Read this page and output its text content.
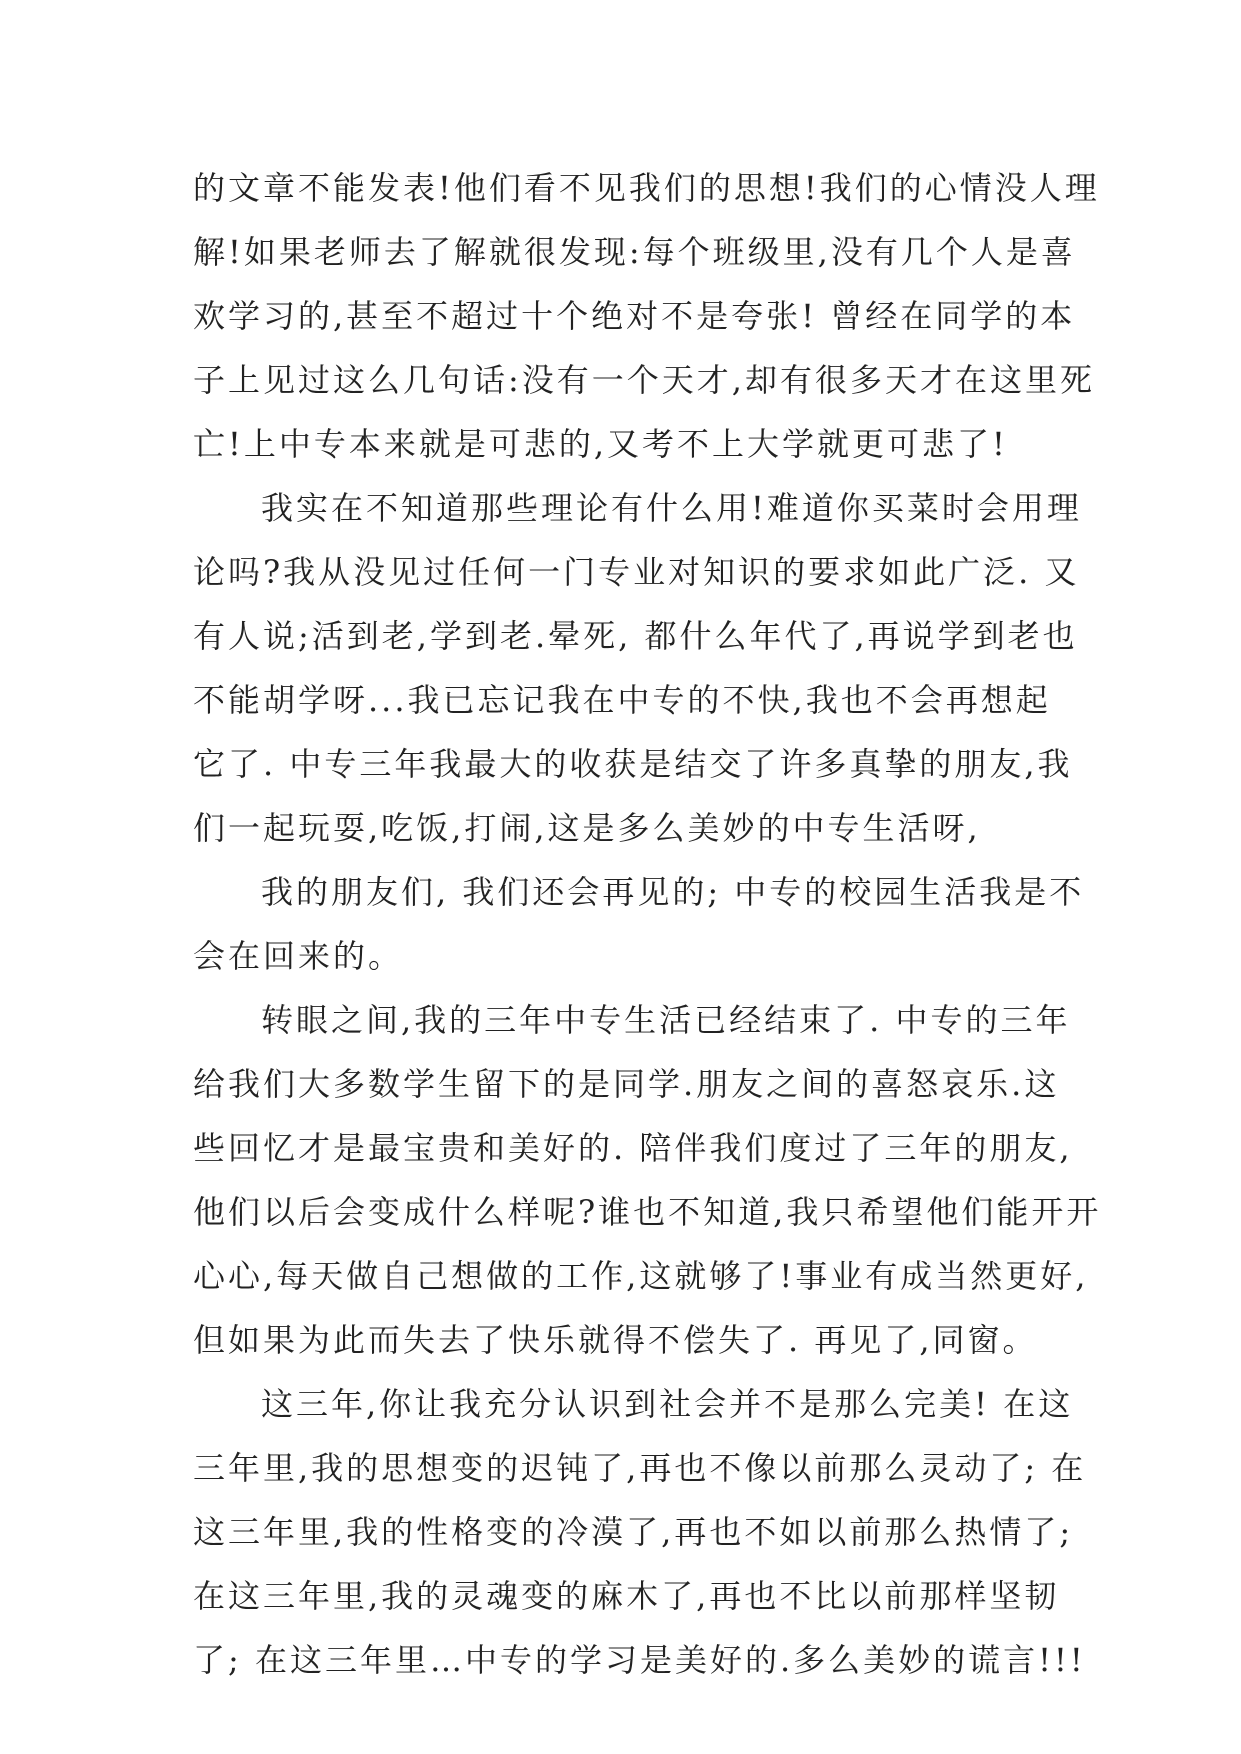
的文章不能发表!他们看不见我们的思想!我们的心情没人理
解!如果老师去了解就很发现:每个班级里,没有几个人是喜
欢学习的,甚至不超过十个绝对不是夸张! 曾经在同学的本
子上见过这么几句话:没有一个天才,却有很多天才在这里死
亡!上中专本来就是可悲的,又考不上大学就更可悲了!
我实在不知道那些理论有什么用!难道你买菜时会用理
论吗?我从没见过任何一门专业对知识的要求如此广泛. 又
有人说;活到老,学到老.晕死, 都什么年代了,再说学到老也
不能胡学呀...我已忘记我在中专的不快,我也不会再想起
它了. 中专三年我最大的收获是结交了许多真挚的朋友,我
们一起玩耍,吃饭,打闹,这是多么美妙的中专生活呀,
我的朋友们, 我们还会再见的; 中专的校园生活我是不
会在回来的。
转眼之间,我的三年中专生活已经结束了. 中专的三年
给我们大多数学生留下的是同学.朋友之间的喜怒哀乐.这
些回忆才是最宝贵和美好的. 陪伴我们度过了三年的朋友,
他们以后会变成什么样呢?谁也不知道,我只希望他们能开开
心心,每天做自己想做的工作,这就够了!事业有成当然更好,
但如果为此而失去了快乐就得不偿失了. 再见了,同窗。
这三年,你让我充分认识到社会并不是那么完美! 在这
三年里,我的思想变的迟钝了,再也不像以前那么灵动了; 在
这三年里,我的性格变的冷漠了,再也不如以前那么热情了;
在这三年里,我的灵魂变的麻木了,再也不比以前那样坚韧
了; 在这三年里…中专的学习是美好的.多么美妙的谎言!!!
